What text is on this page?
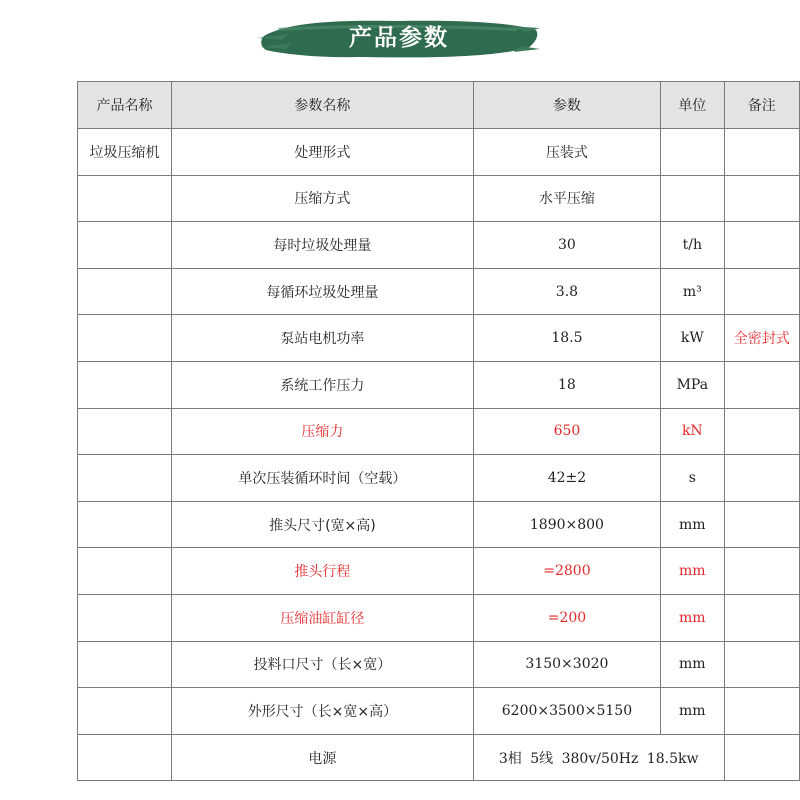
产品参数
产品名称	参数名称	参数	单位	备注
垃圾压缩机	处理形式	压装式		
	压缩方式	水平压缩		
	每时垃圾处理量	30	t/h	
	每循环垃圾处理量	3.8	m³	
	泵站电机功率	18.5	kW	全密封式
	系统工作压力	18	MPa	
	压缩力	650	kN	
	单次压装循环时间（空载）	42±2	s	
	推头尺寸(宽×高)	1890×800	mm	
	推头行程	=2800	mm	
	压缩油缸缸径	=200	mm	
	投料口尺寸（长×宽）	3150×3020	mm	
	外形尺寸（长×宽×高）	6200×3500×5150	mm	
	电源	3相 5线 380v/50Hz 18.5kw		
